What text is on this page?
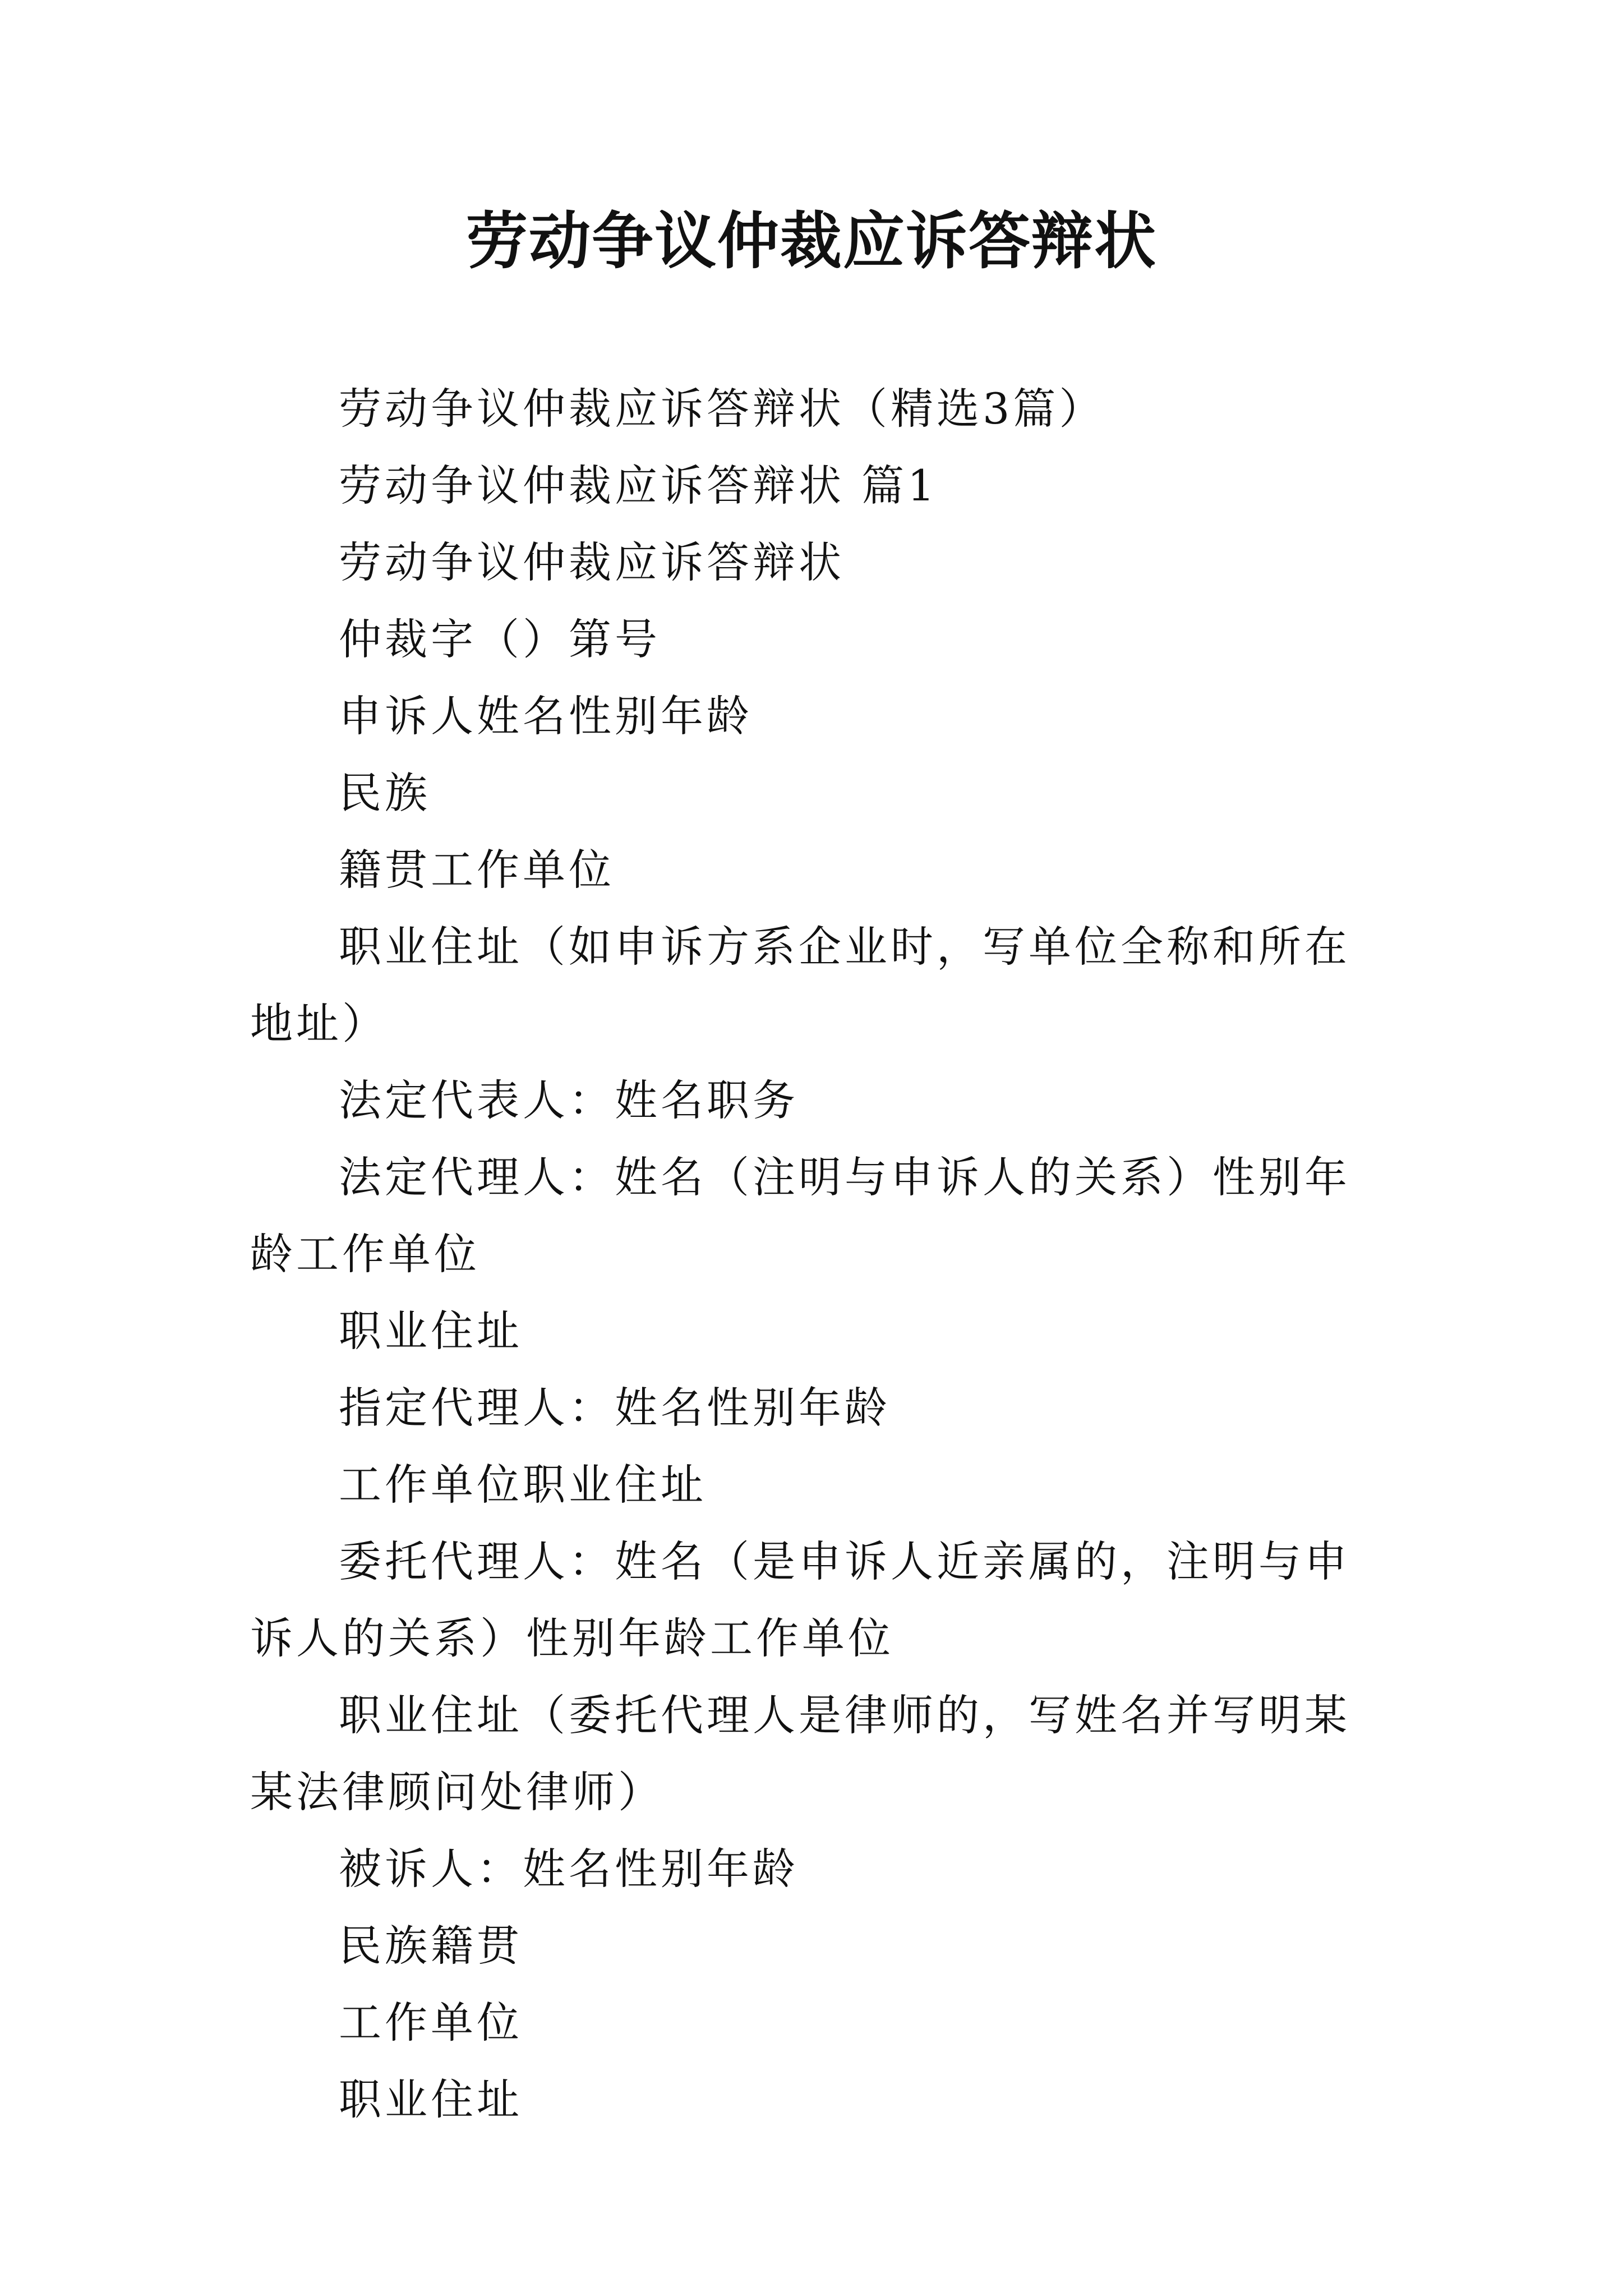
劳动争议仲裁应诉答辩状

劳动争议仲裁应诉答辩状（精选3篇）

劳动争议仲裁应诉答辩状 篇1

劳动争议仲裁应诉答辩状

仲裁字（）第号

申诉人姓名性别年龄

民族

籍贯工作单位

职业住址（如申诉方系企业时，写单位全称和所在地址）

法定代表人：姓名职务

法定代理人：姓名（注明与申诉人的关系）性别年龄工作单位

职业住址

指定代理人：姓名性别年龄

工作单位职业住址

委托代理人：姓名（是申诉人近亲属的，注明与申诉人的关系）性别年龄工作单位

职业住址（委托代理人是律师的，写姓名并写明某某法律顾问处律师）

被诉人：姓名性别年龄

民族籍贯

工作单位

职业住址
